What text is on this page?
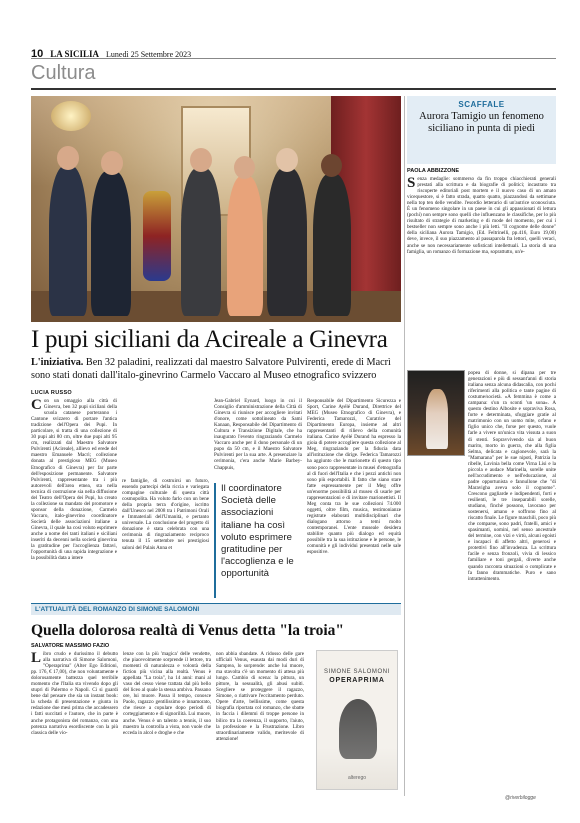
10 LA SICILIA Lunedì 25 Settembre 2023
Cultura
I pupi siciliani da Acireale a Ginevra
L'iniziativa. Ben 32 paladini, realizzati dal maestro Salvatore Pulvirenti, erede di Macrì sono stati donati dall'italo-ginevrino Carmelo Vaccaro al Museo etnografico svizzero
LUCIA RUSSO
Con un omaggio alla città di Ginevra, ben 32 pupi siciliani della scuola catanese porteranno i Cantone svizzero di portare l'antica tradizione dell'Opera dei Pupi. In particolare, si tratta di una collezione di 30 pupi alti 80 cm, oltre due pupi alti 95 cm, realizzati dal Maestro Salvatore Pulvirenti (Acireale), allievo ed erede del maestro Emanuele Macrì; collezione donata al prestigioso MEG (Museo Etnografico di Ginevra) per far parte dell'esposizione permanente. Salvatore Pulvirenti, rappresentante tra i più autorevoli dell'area etnea, sta nella tecnica di costruzione sia nella diffusione del Teatro dell'Opera dei Pupi, ha creato la collezione su mandato del promotore e sponsor della donazione, Carmelo Vaccaro, italo-ginevrino coordinatore Società delle associazioni italiane a Ginevra, il quale ha così voluto esprimere anche a nome dei tanti italiani e siciliani inseriti da decenni nella società ginevrina la gratitudine per l'accoglienza fattavi, l'opportunità di una rapida integrazione e la possibilità data a intere
re famiglie, di costruirsi un futuro, essendo partecipi della riccia e variegata compagine culturale di questa città cosmopolita. Ha voluto farlo con un bene della propria terra d'origine, iscritto dall'Unesco nel 2008 tra i Patrimoni Orali e Immateriali dell'Umanità, e pertanto universale. La conclusione del progetto di donazione è stata celebrata con una cerimonia di ringraziamento reciproco tenuta il 15 settembre nei prestigiosi saloni del Palais Anna et
Jean-Gabriel Eynard, luogo in cui il Consiglio d'amministrazione della Città di Ginevra si riunisce per accogliere invitati d'onore, come sottolineato da Sami Kanaan, Responsabile del Dipartimento di Cultura e Transizione Digitale, che ha inaugurato l'evento ringraziando Carmelo Vaccaro anche per il dono personale di un pupo da 50 cm, e il Maestro Salvatore Pulvirenti per la sua arte. A presenziare la cerimonia, c'era anche Marie Barbey-Chappuis,
Il coordinatore Società delle associazioni italiane ha così voluto esprimere gratitudine per l'accoglienza e le opportunità
Responsabile del Dipartimento Sicurezza e Sport, Carine Ayélé Durand, Direttrice del MEG (Museo Etnografico di Ginevra), e Federica Tamarozzi, Curatrice del Dipartimento Europa, insieme ad altri rappresentanti di rilievo della comunità italiana. Carine Ayélé Durand ha espresso la gioia di potere accogliere questa collezione al Meg, ringraziando per la fiducia data all'istituzione che dirige. Federica Tamarozzi ha aggiunto che le marionette di questo tipo sono poco rappresentate in musei d'etnografia al di fuori dell'Italia e che i pezzi antichi non sono più esportabili. Il fatto che siano stare fatte espressamente per il Meg offre un'enorme possibilità al museo di usarle per rappresentazioni e di invitare marionettisti. Il Meg conta tra le sue collezioni 74.000 oggetti, oltre film, musica, testimonianze registrate elaborati multidisciplinari che dialogano attorno a temi molto contemporanei. L'ente museale desidera stabilire quanto più dialogo ed equità possibile tra la sua istituzione e le persone, le comunità e gli individui presentati nelle sale espositive.
SCAFFALE
Aurora Tamigio un fenomeno siciliano in punta di piedi
PAOLA ABBIZZONE
Senza medaglie: sommerso da fin troppo chiacchierati generali prestati alla scrittura e da biografie di politici; incastrato tra riscoperte editoriali post mortem e il nuovo caso di un amato vicequestore, si è fatto strada, quatto quatto, piazzandosi da settimane nella top ten delle vendite. l'esordio letterario di un'autrice sconosciuta. È un fenomeno singolare in un paese in cui gli appassionati di lettura (pochi) non sempre sono quelli che influenzano le classifiche, per lo più risultato di strategie di marketing e di mode del momento, per cui i bestseller non sempre sono anche i più letti. "Il cognome delle donne" della siciliana Aurora Tamigio, (Ed. Feltrinelli, pp.416, Euro 19,00) deve, invece, il suo piazzamento al passaparola fra lettori, quelli veraci, anche se non necessariamente sofisticati intellettuali. La storia di una famiglia, un romanzo di formazione ma, soprattutto, un'e-
popea di donne, si dipana per tre generazioni e più di sessant'anni di storia italiana senza alcuna didascalia, con pochi riferimenti alla politica e tante pagine di costume/società. «A femmina è come a campana: s'un ra sconti 'un sona». A questo destino Albosite e sopraviva Rosa, forte e determinata, sfoggiare gratie al matrimonio con un uomo mite, orfano e figlio unico che, forse per questo, vuole farle a vivere un'unica vita vissuta a suon di stenti. Sopravvivendo sia al buon marito, morto in guerra, che alla figlia Selma, delicata e cagionevole, sarà la "Mamarana" per le sue nipoti, Patrizia la ribelle, Lavinia bella come Virna Lisi e la piccola e audace Marinella, sorelle unite nell'accudimento e nell'educazione, al padre opportunista e fannullone che "di Maravigha aveva solo il cognome". Crescono gagliarde e indipendenti, forti e resilienti, le tre inseparabili sorelle, studiano, finché possono, lavorano per sostenersi, amano e soffrono fino al riscatto finale. Le figure maschili, poco più che comparse, sono padri, fratelli, amici e spasimanti, uomini, nel senso ancestrale del termine, con vizi e virtù, alcuni egoisti e incapaci di affetto altri, generosi e protettivi fino all'invadenza. La scrittura facile e senza fronzoli, vivia di lessico familiare e toni gergali, diverte anche quando racconta situazioni o complicate e fa fanno drammatiche. Puro e sano intrattenimento.
@riverbilogge
L'ATTUALITÀ DEL ROMANZO DI SIMONE SALOMONI
Quella dolorosa realtà di Venus detta "la troia"
SALVATORE MASSIMO FAZIO
Libro crudo e durissimo il debutto alla narrativa di Simone Salomoni, "Operaprima" (Alter Ego Editioni, pp. 176, € 17,00), che non voluntamente e dolorosamente battezza quel terribile momento che l'Italia sta vivendo dopo gli stupri di Palermo e Napoli. Ci si guardi bene dal pensare che sia un instant book: la scheda di presentazione e giunta in redazione due mesi prima che accadessero i fatti succitati e l'autore, che in parte è anche protagonista del romanzo, con una potenza narrativa esordiscente con la più classica delle vio-
lenze con la più 'magica' delle vendette, che piacevolmente sorprende il lettore, tra momenti di naturalezza e volontà della fiction più vicina alla realtà. Venus è appellata "La troia", ha 14 anni: mani al vaso del cesso viene trattata dal più bello del liceo al quale la stessa ambiva. Passano ore, lui muore. Passa il tempo, conosce Paolo, ragazzo gentilissimo e innamorato, che riesce a copulare dopo periodi di corteggiamento e di signorilità. Lui muore, anche. Venus è un talento a tennis, il suo maestro la controlla a vista, non vuole che ecceda in alcol e droghe e che
non abbia sbandate. A ridosso delle gare ufficiali Venus, esausta dai modi duri di Samprea, lo sorprende: anche lui muore, ma stavolta c'è un momento di attesa più lungo. Cambio di scena: la pittura, un pittore, la sessualità, gli abusi subiti. Scegliere se proteggere il ragazzo, Simone, o riattivare l'eccitamento perduto. Opere d'arte, bellissime, come questa biografia riportata col romanzo, che sbatte in faccia i dilemmi di troppe persone in bilico tra la coerenza, il supporto, l'aiuto, la professione e la Frustrazione. Libro straordinariamente valido, meritevole di attenzione!
SIMONE SALOMONI
OPERAPRIMA
alterego
